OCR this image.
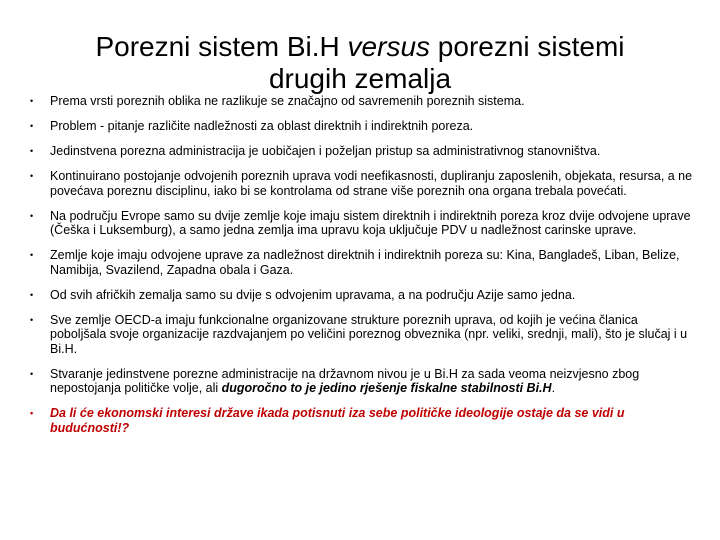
Porezni sistem Bi.H versus porezni sistemi
drugih zemalja
• Prema vrsti poreznih oblika ne razlikuje se značajno od savremenih poreznih sistema.
• Problem - pitanje različite nadležnosti za oblast direktnih i indirektnih poreza.
• Jedinstvena porezna administracija je uobičajen i poželjan pristup sa administrativnog stanovništva.
• Kontinuirano postojanje odvojenih poreznih uprava vodi neefikasnosti, dupliranju zaposlenih, objekata, resursa, a ne povećava poreznu disciplinu, iako bi se kontrolama od strane više poreznih ona organa trebala povećati.
• Na području Evrope samo su dvije zemlje koje imaju sistem direktnih i indirektnih poreza kroz dvije odvojene uprave (Češka i Luksemburg), a samo jedna zemlja ima upravu koja uključuje PDV u nadležnost carinske uprave.
• Zemlje koje imaju odvojene uprave za nadležnost direktnih i indirektnih poreza su: Kina, Bangladeš, Liban, Belize, Namibija, Svazilend, Zapadna obala i Gaza.
• Od svih afričkih zemalja samo su dvije s odvojenim upravama, a na području Azije samo jedna.
• Sve zemlje OECD-a imaju funkcionalne organizovane strukture poreznih uprava, od kojih je većina članica poboljšala svoje organizacije razdvajanjem po veličini poreznog obveznika (npr. veliki, srednji, mali), što je slučaj i u Bi.H.
• Stvaranje jedinstvene porezne administracije na državnom nivou je u Bi.H za sada veoma neizvjesno zbog nepostojanja političke volje, ali dugoročno to je jedino rješenje fiskalne stabilnosti Bi.H.
• Da li će ekonomski interesi države ikada potisnuti iza sebe političke ideologije ostaje da se vidi u budućnosti!?
